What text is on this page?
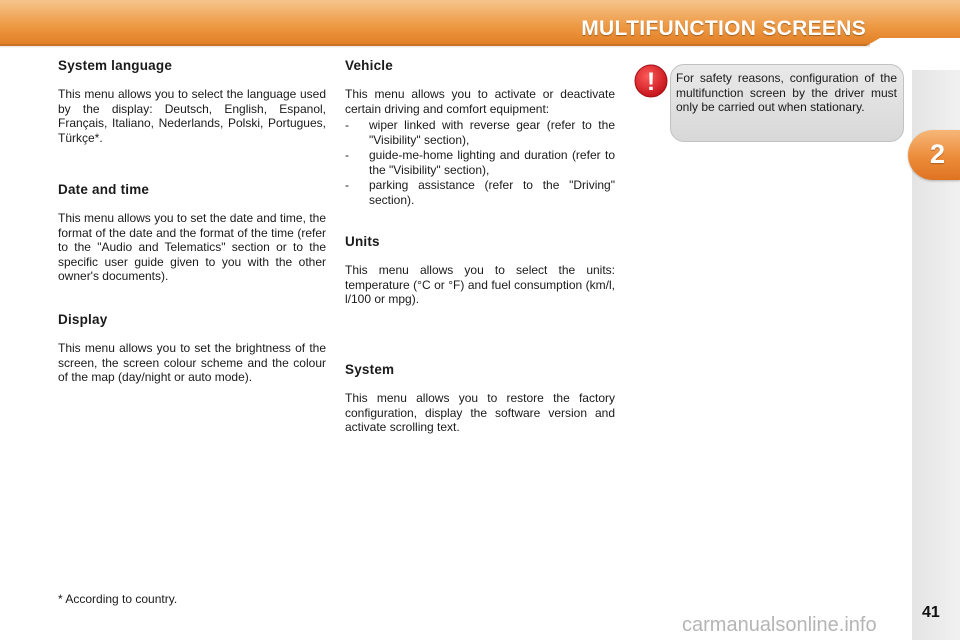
MULTIFUNCTION SCREENS
2
41
System language

This menu allows you to select the language used by the display: Deutsch, English, Espanol, Français, Italiano, Nederlands, Polski, Portugues, Türkçe*.

Date and time

This menu allows you to set the date and time, the format of the date and the format of the time (refer to the "Audio and Telematics" section or to the specific user guide given to you with the other owner's documents).

Display

This menu allows you to set the brightness of the screen, the screen colour scheme and the colour of the map (day/night or auto mode).

* According to country.
Vehicle

This menu allows you to activate or deactivate certain driving and comfort equipment:

- wiper linked with reverse gear (refer to the "Visibility" section),
- guide-me-home lighting and duration (refer to the "Visibility" section),
- parking assistance (refer to the "Driving" section).
Units

This menu allows you to select the units: temperature (°C or °F) and fuel consumption (km/l, l/100 or mpg).

System

This menu allows you to restore the factory configuration, display the software version and activate scrolling text.

! For safety reasons, configuration of the multifunction screen by the driver must only be carried out when stationary.

carmanualsonline.info
